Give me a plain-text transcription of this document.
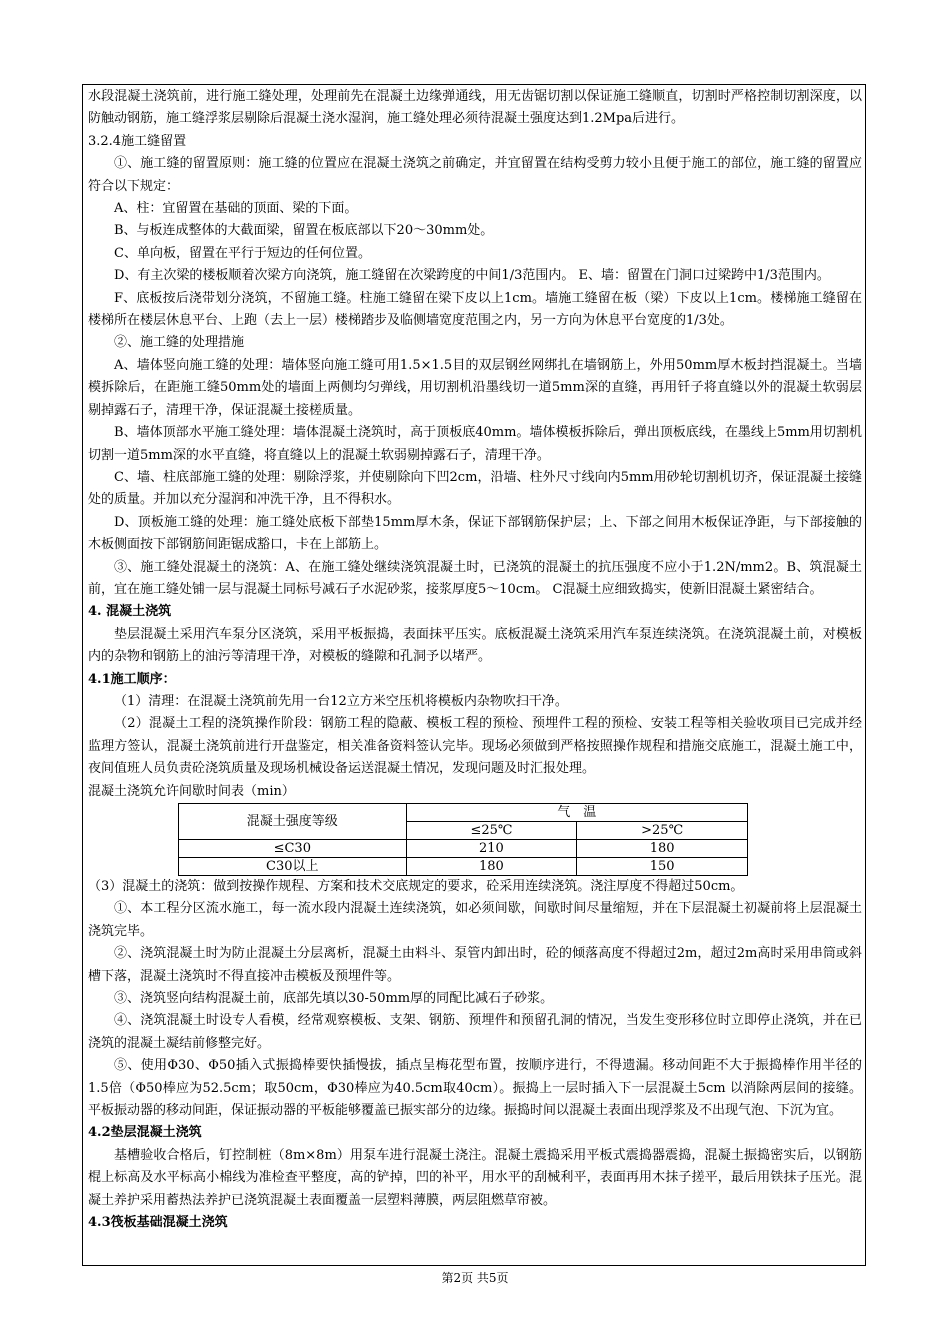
水段混凝土浇筑前，进行施工缝处理，处理前先在混凝土边缘弹通线，用无齿锯切割以保证施工缝顺直，切割时严格控制切割深度，以防触动钢筋，施工缝浮浆层剔除后混凝土浇水湿润，施工缝处理必须待混凝土强度达到1.2Mpa后进行。

3.2.4施工缝留置

①、施工缝的留置原则：施工缝的位置应在混凝土浇筑之前确定，并宜留置在结构受剪力较小且便于施工的部位，施工缝的留置应符合以下规定：

A、柱：宜留置在基础的顶面、梁的下面。

B、与板连成整体的大截面梁，留置在板底部以下20～30mm处。

C、单向板，留置在平行于短边的任何位置。

D、有主次梁的楼板顺着次梁方向浇筑，施工缝留在次梁跨度的中间1/3范围内。 E、墙：留置在门洞口过梁跨中1/3范围内。

F、底板按后浇带划分浇筑，不留施工缝。柱施工缝留在梁下皮以上1cm。墙施工缝留在板（梁）下皮以上1cm。楼梯施工缝留在楼梯所在楼层休息平台、上跑（去上一层）楼梯踏步及临侧墙宽度范围之内，另一方向为休息平台宽度的1/3处。

②、施工缝的处理措施

A、墙体竖向施工缝的处理：墙体竖向施工缝可用1.5×1.5目的双层钢丝网绑扎在墙钢筋上，外用50mm厚木板封挡混凝土。当墙模拆除后，在距施工缝50mm处的墙面上两侧均匀弹线，用切割机沿墨线切一道5mm深的直缝，再用钎子将直缝以外的混凝土软弱层剔掉露石子，清理干净，保证混凝土接槎质量。

B、墙体顶部水平施工缝处理：墙体混凝土浇筑时，高于顶板底40mm。墙体模板拆除后，弹出顶板底线，在墨线上5mm用切割机切割一道5mm深的水平直缝，将直缝以上的混凝土软弱剔掉露石子，清理干净。

C、墙、柱底部施工缝的处理：剔除浮浆，并使剔除向下凹2cm，沿墙、柱外尺寸线向内5mm用砂轮切割机切齐，保证混凝土接缝处的质量。并加以充分湿润和冲洗干净，且不得积水。

D、顶板施工缝的处理：施工缝处底板下部垫15mm厚木条，保证下部钢筋保护层；上、下部之间用木板保证净距，与下部接触的木板侧面按下部钢筋间距锯成豁口，卡在上部筋上。

③、施工缝处混凝土的浇筑：A、在施工缝处继续浇筑混凝土时，已浇筑的混凝土的抗压强度不应小于1.2N/mm2。B、筑混凝土前，宜在施工缝处铺一层与混凝土同标号减石子水泥砂浆，接浆厚度5～10cm。 C混凝土应细致捣实，使新旧混凝土紧密结合。

4. 混凝土浇筑

垫层混凝土采用汽车泵分区浇筑，采用平板振捣，表面抹平压实。底板混凝土浇筑采用汽车泵连续浇筑。在浇筑混凝土前，对模板内的杂物和钢筋上的油污等清理干净，对模板的缝隙和孔洞予以堵严。

4.1施工顺序：

（1）清理：在混凝土浇筑前先用一台12立方米空压机将模板内杂物吹扫干净。

（2）混凝土工程的浇筑操作阶段：钢筋工程的隐蔽、模板工程的预检、预埋件工程的预检、安装工程等相关验收项目已完成并经监理方签认，混凝土浇筑前进行开盘鉴定，相关准备资料签认完毕。现场必须做到严格按照操作规程和措施交底施工，混凝土施工中，夜间值班人员负责砼浇筑质量及现场机械设备运送混凝土情况，发现问题及时汇报处理。

混凝土浇筑允许间歇时间表（min）

混凝土强度等级	气　温	
	≤25℃	>25℃
≤C30	210	180
C30以上	180	150

（3）混凝土的浇筑：做到按操作规程、方案和技术交底规定的要求，砼采用连续浇筑。浇注厚度不得超过50cm。

①、本工程分区流水施工，每一流水段内混凝土连续浇筑，如必须间歇，间歇时间尽量缩短，并在下层混凝土初凝前将上层混凝土浇筑完毕。

②、浇筑混凝土时为防止混凝土分层离析，混凝土由料斗、泵管内卸出时，砼的倾落高度不得超过2m，超过2m高时采用串筒或斜槽下落，混凝土浇筑时不得直接冲击模板及预埋件等。

③、浇筑竖向结构混凝土前，底部先填以30-50mm厚的同配比减石子砂浆。

④、浇筑混凝土时设专人看模，经常观察模板、支架、钢筋、预埋件和预留孔洞的情况，当发生变形移位时立即停止浇筑，并在已浇筑的混凝土凝结前修整完好。

⑤、使用Φ30、Φ50插入式振捣棒要快插慢拔，插点呈梅花型布置，按顺序进行，不得遗漏。移动间距不大于振捣棒作用半径的1.5倍（Φ50棒应为52.5cm；取50cm，Φ30棒应为40.5cm取40cm）。振捣上一层时插入下一层混凝土5cm 以消除两层间的接缝。平板振动器的移动间距，保证振动器的平板能够覆盖已振实部分的边缘。振捣时间以混凝土表面出现浮浆及不出现气泡、下沉为宜。

4.2垫层混凝土浇筑

基槽验收合格后，钉控制桩（8m×8m）用泵车进行混凝土浇注。混凝土震捣采用平板式震捣器震捣，混凝土振捣密实后，以钢筋棍上标高及水平标高小棉线为准检查平整度，高的铲掉，凹的补平，用水平的刮械利平，表面再用木抹子搓平，最后用铁抹子压光。混凝土养护采用蓄热法养护已浇筑混凝土表面覆盖一层塑料薄膜，两层阻燃草帘被。

4.3筏板基础混凝土浇筑

第2页 共5页
